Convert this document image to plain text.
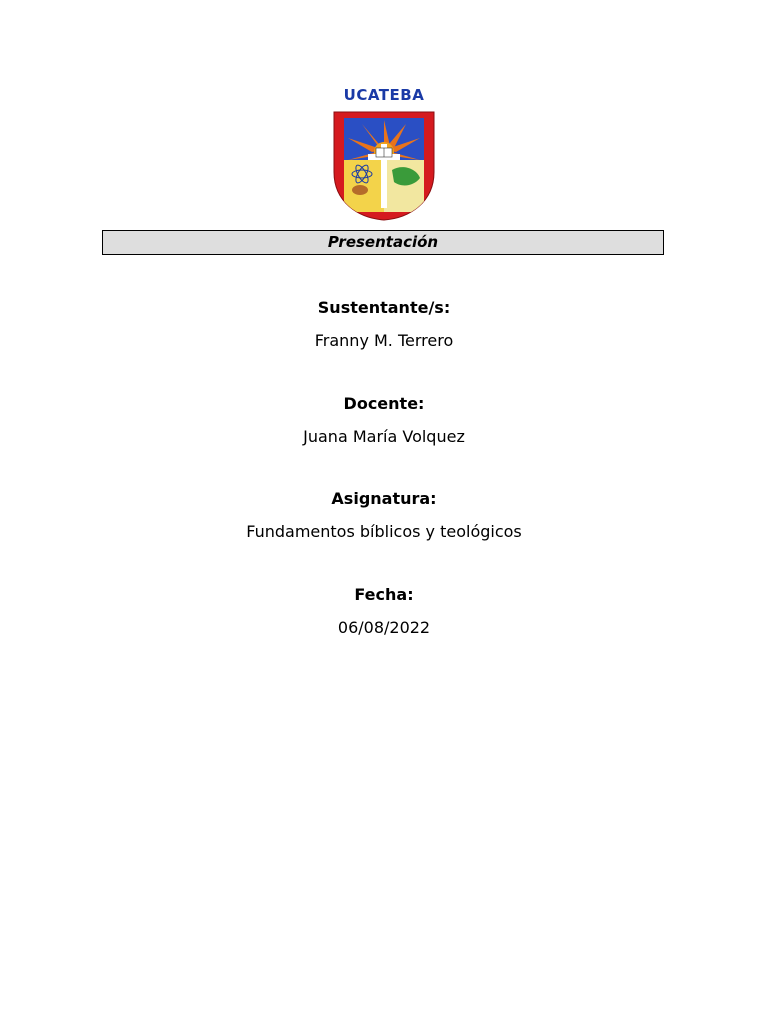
UCATEBA
Presentación
Sustentante/s:
Franny M. Terrero
Docente:
Juana María Volquez
Asignatura:
Fundamentos bíblicos y teológicos
Fecha:
06/08/2022
